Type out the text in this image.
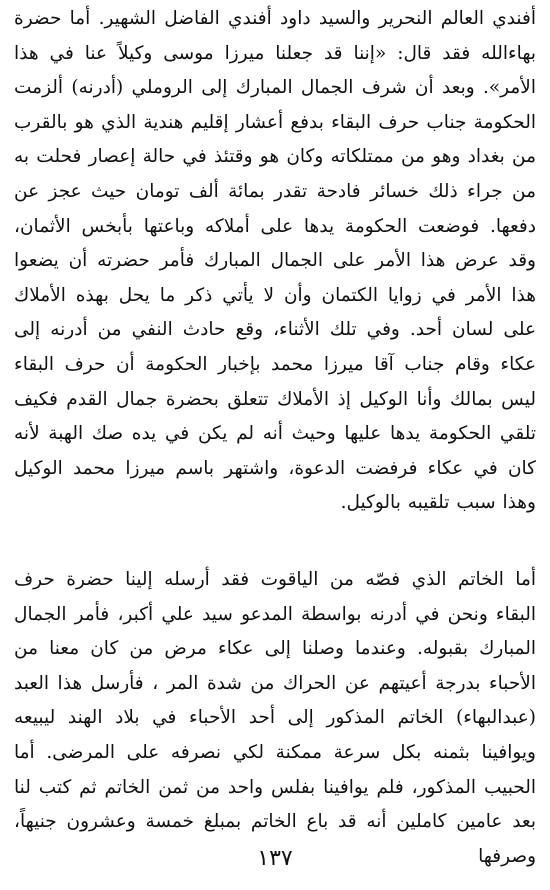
أفندي العالم النحرير والسيد داود أفندي الفاضل الشهير. أما حضرة بهاءالله فقد قال: «إننا قد جعلنا ميرزا موسى وكيلاً عنا في هذا الأمر». وبعد أن شرف الجمال المبارك إلى الروملي (أدرنه) ألزمت الحكومة جناب حرف البقاء بدفع أعشار إقليم هندية الذي هو بالقرب من بغداد وهو من ممتلكاته وكان هو وقتئذ في حالة إعصار فحلت به من جراء ذلك خسائر فادحة تقدر بمائة ألف تومان حيث عجز عن دفعها. فوضعت الحكومة يدها على أملاكه وباعتها بأبخس الأثمان، وقد عرض هذا الأمر على الجمال المبارك فأمر حضرته أن يضعوا هذا الأمر في زوايا الكتمان وأن لا يأتي ذكر ما يحل بهذه الأملاك على لسان أحد. وفي تلك الأثناء، وقع حادث النفي من أدرنه إلى عكاء وقام جناب آقا ميرزا محمد بإخبار الحكومة أن حرف البقاء ليس بمالك وأنا الوكيل إذ الأملاك تتعلق بحضرة جمال القدم فكيف تلقي الحكومة يدها عليها وحيث أنه لم يكن في يده صك الهبة لأنه كان في عكاء فرفضت الدعوة، واشتهر باسم ميرزا محمد الوكيل وهذا سبب تلقيبه بالوكيل.

أما الخاتم الذي فصّه من الياقوت فقد أرسله إلينا حضرة حرف البقاء ونحن في أدرنه بواسطة المدعو سيد علي أكبر، فأمر الجمال المبارك بقبوله. وعندما وصلنا إلى عكاء مرض من كان معنا من الأحباء بدرجة أعيتهم عن الحراك من شدة المر ، فأرسل هذا العبد (عبدالبهاء) الخاتم المذكور إلى أحد الأحباء في بلاد الهند ليبيعه ويوافينا بثمنه بكل سرعة ممكنة لكي نصرفه على المرضى. أما الحبيب المذكور، فلم يوافينا بفلس واحد من ثمن الخاتم ثم كتب لنا بعد عامين كاملين أنه قد باع الخاتم بمبلغ خمسة وعشرون جنيهاً، وصرفها

١٣٧
